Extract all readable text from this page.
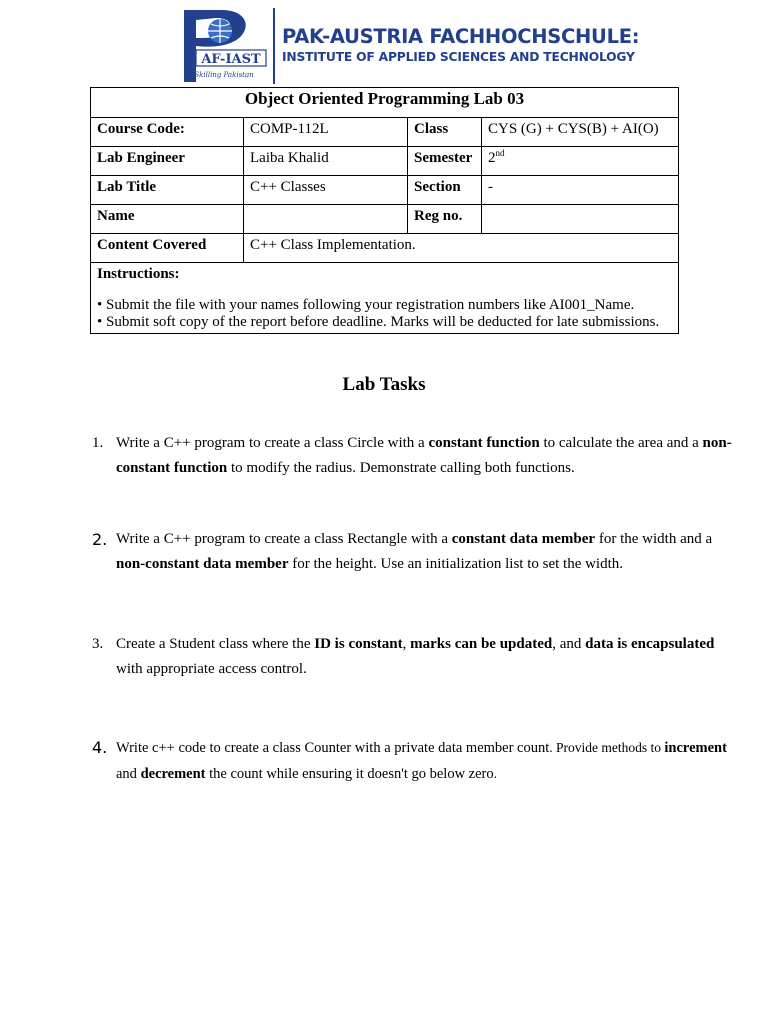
AF-IAST
Skilling Pakistan
PAK-AUSTRIA FACHHOCHSCHULE:
INSTITUTE OF APPLIED SCIENCES AND TECHNOLOGY
Object Oriented Programming Lab 03			
Course Code:	COMP-112L	Class	CYS (G) + CYS(B) + AI(O)
Lab Engineer	Laiba Khalid	Semester	2nd
Lab Title	C++ Classes	Section	-
Name		Reg no.	
Content Covered	C++ Class Implementation.		

Instructions:
• Submit the file with your names following your registration numbers like AI001_Name.
• Submit soft copy of the report before deadline. Marks will be deducted for late submissions.			
Lab Tasks
1. Write a C++ program to create a class Circle with a constant function to calculate the area and a non-constant function to modify the radius. Demonstrate calling both functions.
2. Write a C++ program to create a class Rectangle with a constant data member for the width and a non-constant data member for the height. Use an initialization list to set the width.
3. Create a Student class where the ID is constant, marks can be updated, and data is encapsulated with appropriate access control.
4. Write c++ code to create a class Counter with a private data member count. Provide methods to increment and decrement the count while ensuring it doesn't go below zero.
